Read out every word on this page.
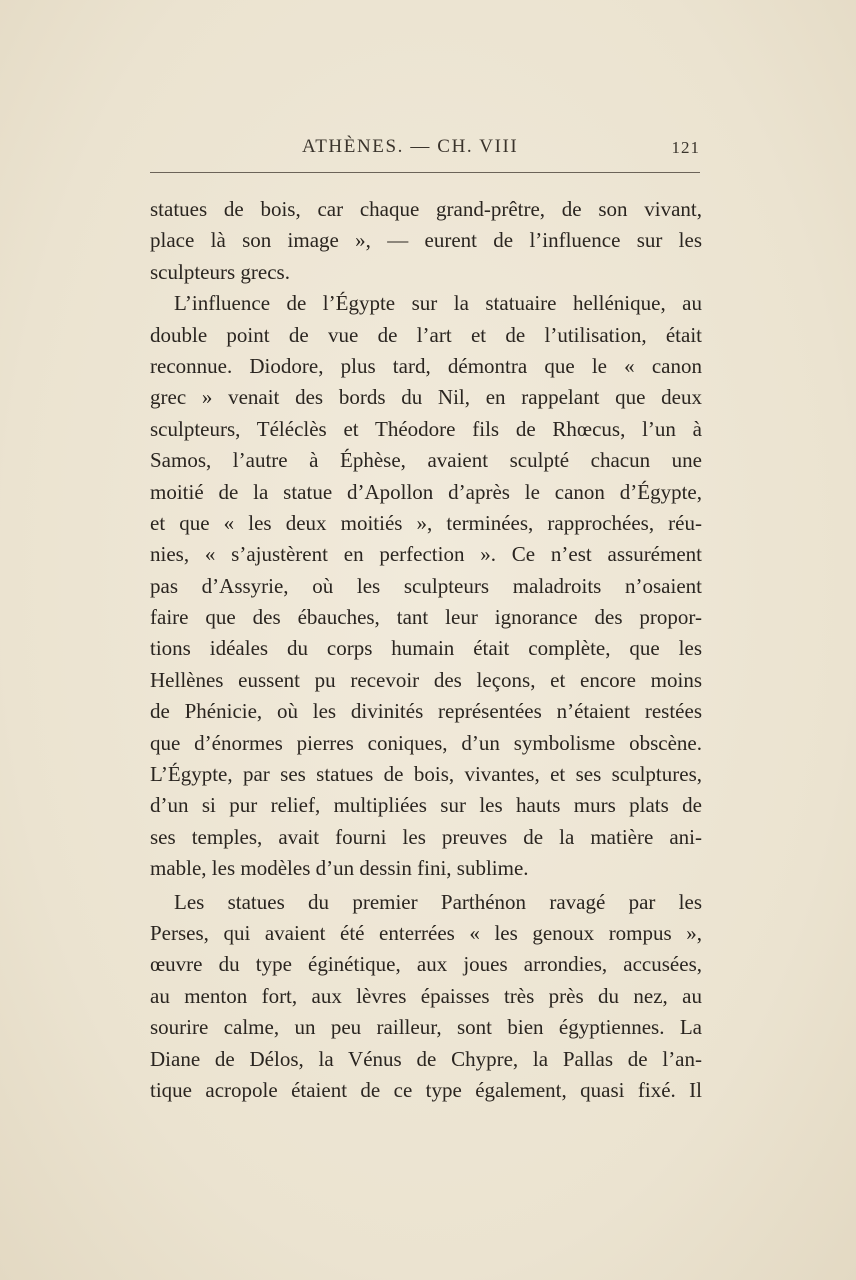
ATHÈNES. — CH. VIII	121
statues de bois, car chaque grand-prêtre, de son vivant,
place là son image », — eurent de l’influence sur les
sculpteurs grecs.
L’influence de l’Égypte sur la statuaire hellénique, au
double point de vue de l’art et de l’utilisation, était
reconnue. Diodore, plus tard, démontra que le « canon
grec » venait des bords du Nil, en rappelant que deux
sculpteurs, Téléclès et Théodore fils de Rhœcus, l’un à
Samos, l’autre à Éphèse, avaient sculpté chacun une
moitié de la statue d’Apollon d’après le canon d’Égypte,
et que « les deux moitiés », terminées, rapprochées, réu-
nies, « s’ajustèrent en perfection ». Ce n’est assurément
pas d’Assyrie, où les sculpteurs maladroits n’osaient
faire que des ébauches, tant leur ignorance des propor-
tions idéales du corps humain était complète, que les
Hellènes eussent pu recevoir des leçons, et encore moins
de Phénicie, où les divinités représentées n’étaient restées
que d’énormes pierres coniques, d’un symbolisme obscène.
L’Égypte, par ses statues de bois, vivantes, et ses sculptures,
d’un si pur relief, multipliées sur les hauts murs plats de
ses temples, avait fourni les preuves de la matière ani-
mable, les modèles d’un dessin fini, sublime.
Les statues du premier Parthénon ravagé par les
Perses, qui avaient été enterrées « les genoux rompus »,
œuvre du type éginétique, aux joues arrondies, accusées,
au menton fort, aux lèvres épaisses très près du nez, au
sourire calme, un peu railleur, sont bien égyptiennes. La
Diane de Délos, la Vénus de Chypre, la Pallas de l’an-
tique acropole étaient de ce type également, quasi fixé. Il
